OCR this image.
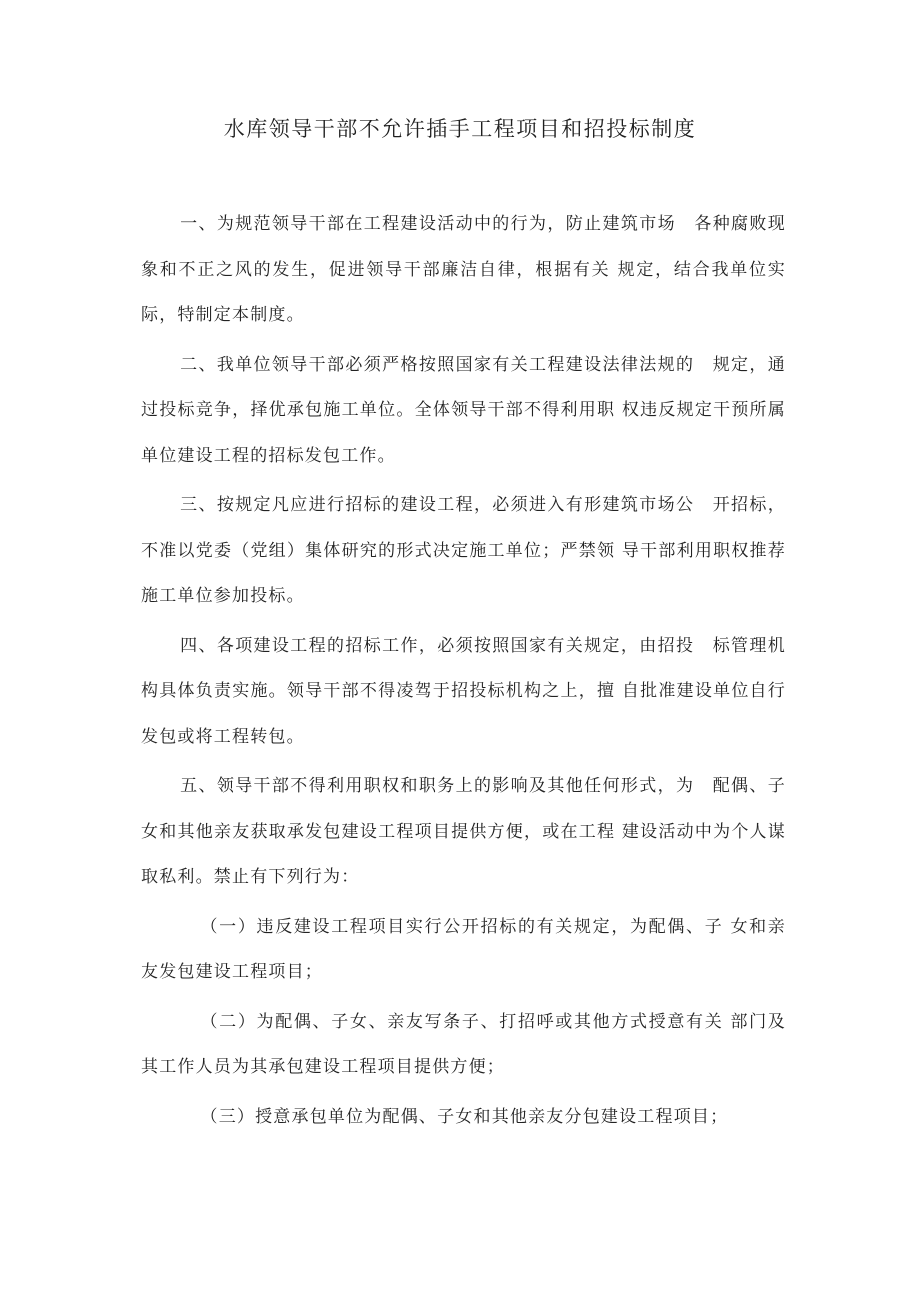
水库领导干部不允许插手工程项目和招投标制度

一、为规范领导干部在工程建设活动中的行为，防止建筑市场　各种腐败现象和不正之风的发生，促进领导干部廉洁自律，根据有关 规定，结合我单位实际，特制定本制度。

二、我单位领导干部必须严格按照国家有关工程建设法律法规的　规定，通过投标竞争，择优承包施工单位。全体领导干部不得利用职 权违反规定干预所属单位建设工程的招标发包工作。

三、按规定凡应进行招标的建设工程，必须进入有形建筑市场公　开招标，不准以党委（党组）集体研究的形式决定施工单位；严禁领 导干部利用职权推荐施工单位参加投标。

四、各项建设工程的招标工作，必须按照国家有关规定，由招投　标管理机构具体负责实施。领导干部不得凌驾于招投标机构之上，擅 自批准建设单位自行发包或将工程转包。

五、领导干部不得利用职权和职务上的影响及其他任何形式，为　配偶、子女和其他亲友获取承发包建设工程项目提供方便，或在工程 建设活动中为个人谋取私利。禁止有下列行为：

（一）违反建设工程项目实行公开招标的有关规定，为配偶、子 女和亲友发包建设工程项目；

（二）为配偶、子女、亲友写条子、打招呼或其他方式授意有关 部门及其工作人员为其承包建设工程项目提供方便；

（三）授意承包单位为配偶、子女和其他亲友分包建设工程项目；
